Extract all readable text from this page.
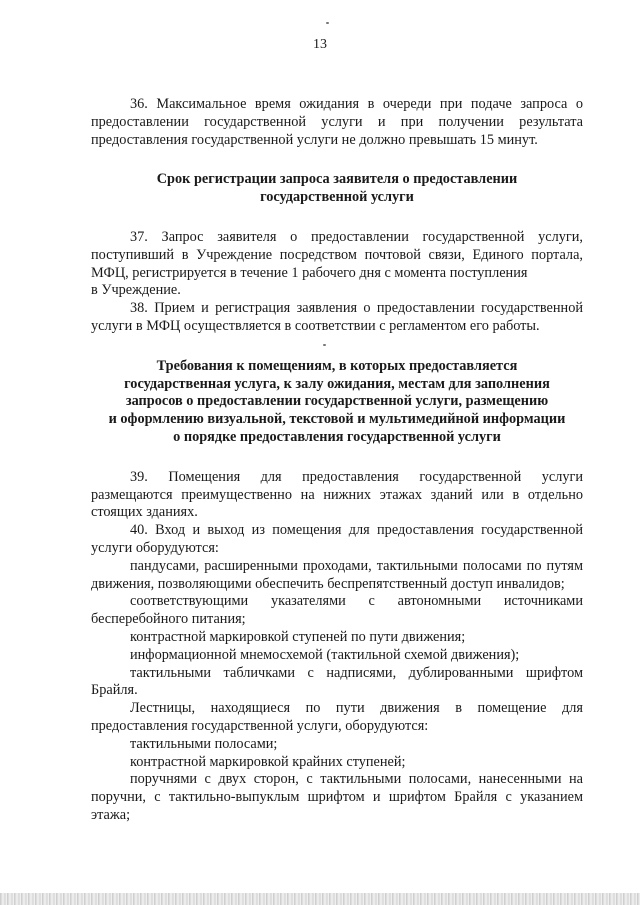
13

36. Максимальное время ожидания в очереди при подаче запроса о предоставлении государственной услуги и при получении результата предоставления государственной услуги не должно превышать 15 минут.

Срок регистрации запроса заявителя о предоставлении

государственной услуги

37. Запрос заявителя о предоставлении государственной услуги, поступивший в Учреждение посредством почтовой связи, Единого портала, МФЦ, регистрируется в течение 1 рабочего дня с момента поступления

в Учреждение.

38. Прием и регистрация заявления о предоставлении государственной услуги в МФЦ осуществляется в соответствии с регламентом его работы.

Требования к помещениям, в которых предоставляется

государственная услуга, к залу ожидания, местам для заполнения

запросов о предоставлении государственной услуги, размещению

и оформлению визуальной, текстовой и мультимедийной информации

о порядке предоставления государственной услуги

39. Помещения для предоставления государственной услуги размещаются преимущественно на нижних этажах зданий или в отдельно стоящих зданиях.

40. Вход и выход из помещения для предоставления государственной услуги оборудуются:

пандусами, расширенными проходами, тактильными полосами по путям движения, позволяющими обеспечить беспрепятственный доступ инвалидов;

соответствующими указателями с автономными источниками бесперебойного питания;

контрастной маркировкой ступеней по пути движения;

информационной мнемосхемой (тактильной схемой движения);

тактильными табличками с надписями, дублированными шрифтом Брайля.

Лестницы, находящиеся по пути движения в помещение для предоставления государственной услуги, оборудуются:

тактильными полосами;

контрастной маркировкой крайних ступеней;

поручнями с двух сторон, с тактильными полосами, нанесенными на поручни, с тактильно-выпуклым шрифтом и шрифтом Брайля с указанием этажа;
